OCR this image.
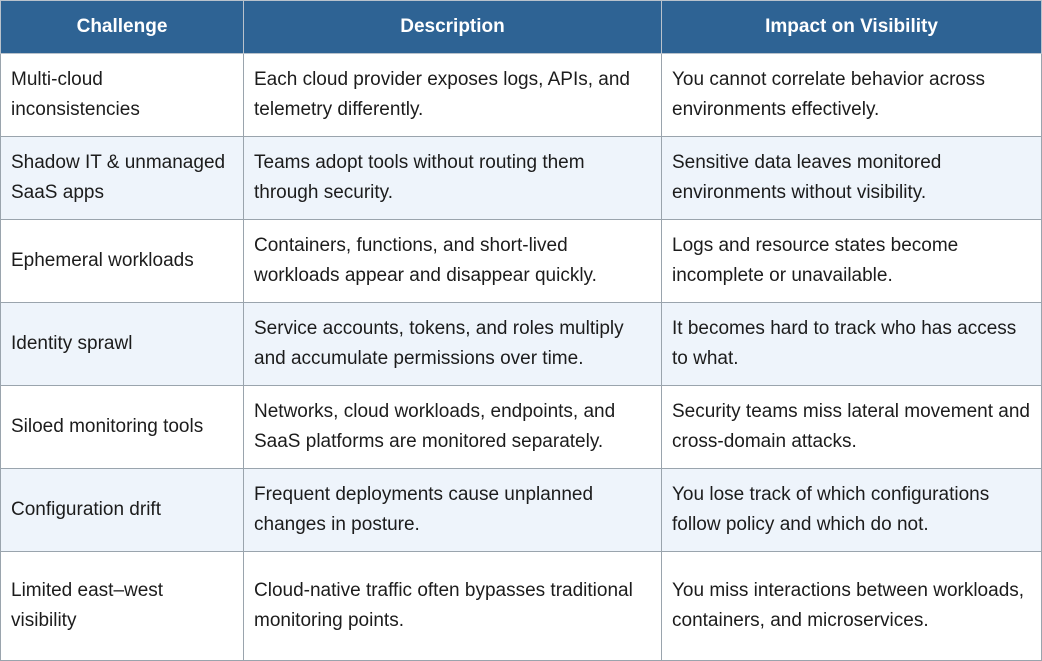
Challenge	Description	Impact on Visibility
Multi-cloud inconsistencies	Each cloud provider exposes logs, APIs, and telemetry differently.	You cannot correlate behavior across environments effectively.
Shadow IT & unmanaged SaaS apps	Teams adopt tools without routing them through security.	Sensitive data leaves monitored environments without visibility.
Ephemeral workloads	Containers, functions, and short-lived workloads appear and disappear quickly.	Logs and resource states become incomplete or unavailable.
Identity sprawl	Service accounts, tokens, and roles multiply and accumulate permissions over time.	It becomes hard to track who has access to what.
Siloed monitoring tools	Networks, cloud workloads, endpoints, and SaaS platforms are monitored separately.	Security teams miss lateral movement and cross-domain attacks.
Configuration drift	Frequent deployments cause unplanned changes in posture.	You lose track of which configurations follow policy and which do not.
Limited east–west visibility	Cloud-native traffic often bypasses traditional monitoring points.	You miss interactions between workloads, containers, and microservices.
